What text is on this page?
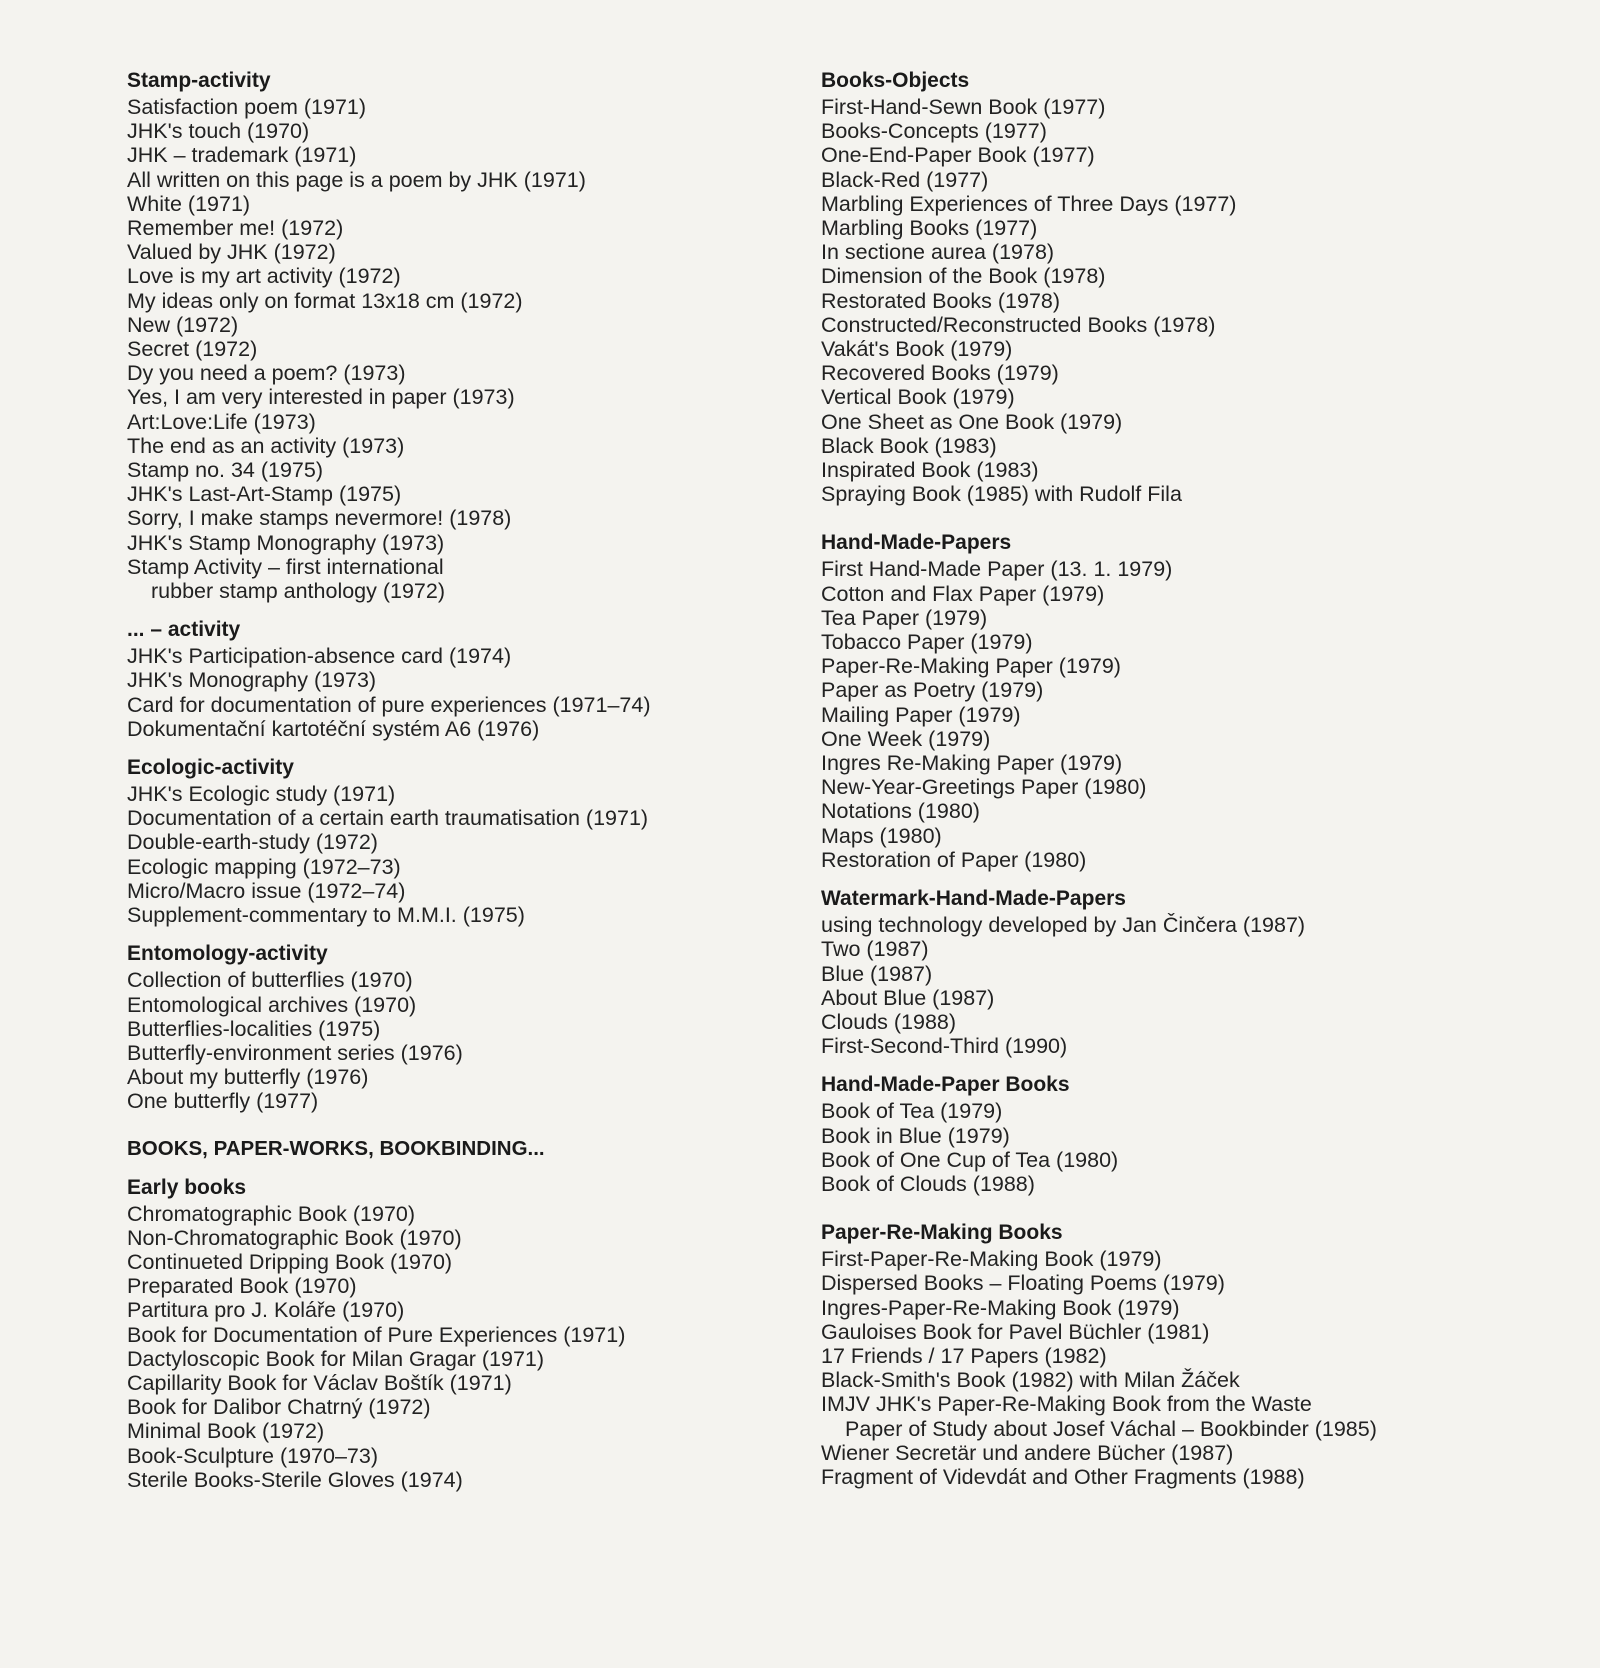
Stamp-activity
Satisfaction poem (1971)
JHK's touch (1970)
JHK – trademark (1971)
All written on this page is a poem by JHK (1971)
White (1971)
Remember me! (1972)
Valued by JHK (1972)
Love is my art activity (1972)
My ideas only on format 13x18 cm (1972)
New (1972)
Secret (1972)
Dy you need a poem? (1973)
Yes, I am very interested in paper (1973)
Art:Love:Life (1973)
The end as an activity (1973)
Stamp no. 34 (1975)
JHK's Last-Art-Stamp (1975)
Sorry, I make stamps nevermore! (1978)
JHK's Stamp Monography (1973)
Stamp Activity – first international
rubber stamp anthology (1972)
... – activity
JHK's Participation-absence card (1974)
JHK's Monography (1973)
Card for documentation of pure experiences (1971–74)
Dokumentační kartotéční systém A6 (1976)
Ecologic-activity
JHK's Ecologic study (1971)
Documentation of a certain earth traumatisation (1971)
Double-earth-study (1972)
Ecologic mapping (1972–73)
Micro/Macro issue (1972–74)
Supplement-commentary to M.M.I. (1975)
Entomology-activity
Collection of butterflies (1970)
Entomological archives (1970)
Butterflies-localities (1975)
Butterfly-environment series (1976)
About my butterfly (1976)
One butterfly (1977)
BOOKS, PAPER-WORKS, BOOKBINDING...
Early books
Chromatographic Book (1970)
Non-Chromatographic Book (1970)
Continueted Dripping Book (1970)
Preparated Book (1970)
Partitura pro J. Koláře (1970)
Book for Documentation of Pure Experiences (1971)
Dactyloscopic Book for Milan Gragar (1971)
Capillarity Book for Václav Boštík (1971)
Book for Dalibor Chatrný (1972)
Minimal Book (1972)
Book-Sculpture (1970–73)
Sterile Books-Sterile Gloves (1974)
Books-Objects
First-Hand-Sewn Book (1977)
Books-Concepts (1977)
One-End-Paper Book (1977)
Black-Red (1977)
Marbling Experiences of Three Days (1977)
Marbling Books (1977)
In sectione aurea (1978)
Dimension of the Book (1978)
Restorated Books (1978)
Constructed/Reconstructed Books (1978)
Vakát's Book (1979)
Recovered Books (1979)
Vertical Book (1979)
One Sheet as One Book (1979)
Black Book (1983)
Inspirated Book (1983)
Spraying Book (1985) with Rudolf Fila
Hand-Made-Papers
First Hand-Made Paper (13. 1. 1979)
Cotton and Flax Paper (1979)
Tea Paper (1979)
Tobacco Paper (1979)
Paper-Re-Making Paper (1979)
Paper as Poetry (1979)
Mailing Paper (1979)
One Week (1979)
Ingres Re-Making Paper (1979)
New-Year-Greetings Paper (1980)
Notations (1980)
Maps (1980)
Restoration of Paper (1980)
Watermark-Hand-Made-Papers
using technology developed by Jan Činčera (1987)
Two (1987)
Blue (1987)
About Blue (1987)
Clouds (1988)
First-Second-Third (1990)
Hand-Made-Paper Books
Book of Tea (1979)
Book in Blue (1979)
Book of One Cup of Tea (1980)
Book of Clouds (1988)
Paper-Re-Making Books
First-Paper-Re-Making Book (1979)
Dispersed Books – Floating Poems (1979)
Ingres-Paper-Re-Making Book (1979)
Gauloises Book for Pavel Büchler (1981)
17 Friends / 17 Papers (1982)
Black-Smith's Book (1982) with Milan Žáček
IMJV JHK's Paper-Re-Making Book from the Waste
Paper of Study about Josef Váchal – Bookbinder (1985)
Wiener Secretär und andere Bücher (1987)
Fragment of Videvdát and Other Fragments (1988)
